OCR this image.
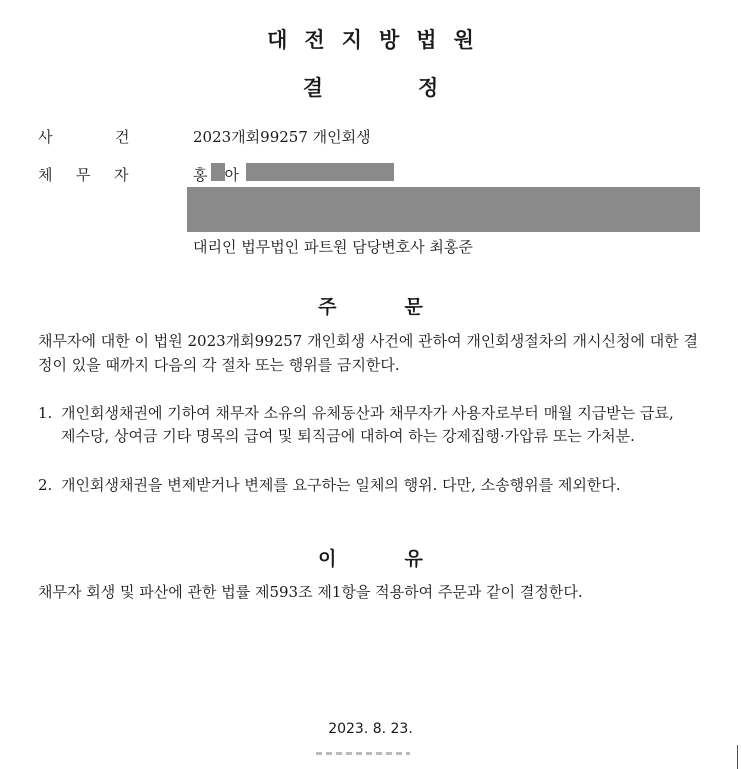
대전지방법원
결	정
사	건	2023개회99257 개인회생
체 무 자	홍 아
대리인 법무법인 파트원 담당변호사 최홍준
주	문
채무자에 대한 이 법원 2023개회99257 개인회생 사건에 관하여 개인회생절차의 개시신청에 대한 결정이 있을 때까지 다음의 각 절차 또는 행위를 금지한다.
1. 개인회생채권에 기하여 채무자 소유의 유체동산과 채무자가 사용자로부터 매월 지급받는 급료, 제수당, 상여금 기타 명목의 급여 및 퇴직금에 대하여 하는 강제집행·가압류 또는 가처분.
2. 개인회생채권을 변제받거나 변제를 요구하는 일체의 행위. 다만, 소송행위를 제외한다.
이	유
채무자 회생 및 파산에 관한 법률 제593조 제1항을 적용하여 주문과 같이 결정한다.
2023. 8. 23.
